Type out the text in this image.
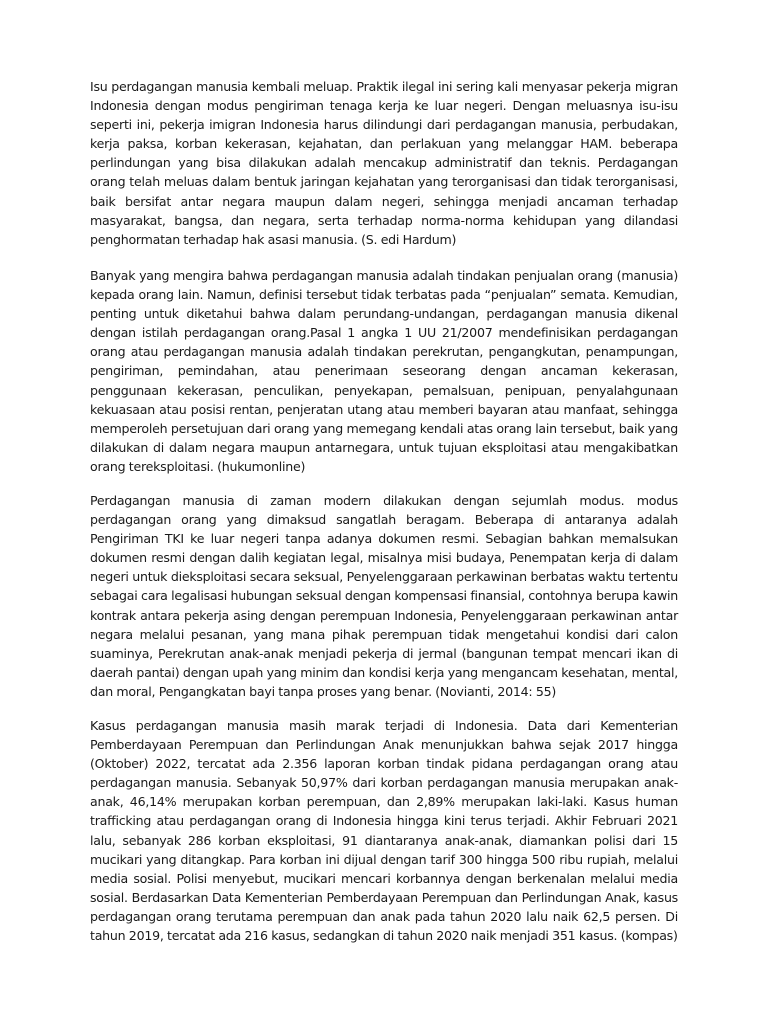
Isu perdagangan manusia kembali meluap. Praktik ilegal ini sering kali menyasar pekerja migran Indonesia dengan modus pengiriman tenaga kerja ke luar negeri. Dengan meluasnya isu-isu seperti ini, pekerja imigran Indonesia harus dilindungi dari perdagangan manusia, perbudakan, kerja paksa, korban kekerasan, kejahatan, dan perlakuan yang melanggar HAM. beberapa perlindungan yang bisa dilakukan adalah mencakup administratif dan teknis. Perdagangan orang telah meluas dalam bentuk jaringan kejahatan yang terorganisasi dan tidak terorganisasi, baik bersifat antar negara maupun dalam negeri, sehingga menjadi ancaman terhadap masyarakat, bangsa, dan negara, serta terhadap norma-norma kehidupan yang dilandasi penghormatan terhadap hak asasi manusia. (S. edi Hardum)

Banyak yang mengira bahwa perdagangan manusia adalah tindakan penjualan orang (manusia) kepada orang lain. Namun, definisi tersebut tidak terbatas pada “penjualan” semata. Kemudian, penting untuk diketahui bahwa dalam perundang-undangan, perdagangan manusia dikenal dengan istilah perdagangan orang.Pasal 1 angka 1 UU 21/2007 mendefinisikan perdagangan orang atau perdagangan manusia adalah tindakan perekrutan, pengangkutan, penampungan, pengiriman, pemindahan, atau penerimaan seseorang dengan ancaman kekerasan, penggunaan kekerasan, penculikan, penyekapan, pemalsuan, penipuan, penyalahgunaan kekuasaan atau posisi rentan, penjeratan utang atau memberi bayaran atau manfaat, sehingga memperoleh persetujuan dari orang yang memegang kendali atas orang lain tersebut, baik yang dilakukan di dalam negara maupun antarnegara, untuk tujuan eksploitasi atau mengakibatkan orang tereksploitasi. (hukumonline)

Perdagangan manusia di zaman modern dilakukan dengan sejumlah modus. modus perdagangan orang yang dimaksud sangatlah beragam. Beberapa di antaranya adalah Pengiriman TKI ke luar negeri tanpa adanya dokumen resmi. Sebagian bahkan memalsukan dokumen resmi dengan dalih kegiatan legal, misalnya misi budaya, Penempatan kerja di dalam negeri untuk dieksploitasi secara seksual, Penyelenggaraan perkawinan berbatas waktu tertentu sebagai cara legalisasi hubungan seksual dengan kompensasi finansial, contohnya berupa kawin kontrak antara pekerja asing dengan perempuan Indonesia, Penyelenggaraan perkawinan antar negara melalui pesanan, yang mana pihak perempuan tidak mengetahui kondisi dari calon suaminya, Perekrutan anak-anak menjadi pekerja di jermal (bangunan tempat mencari ikan di daerah pantai) dengan upah yang minim dan kondisi kerja yang mengancam kesehatan, mental, dan moral, Pengangkatan bayi tanpa proses yang benar. (Novianti, 2014: 55)

Kasus perdagangan manusia masih marak terjadi di Indonesia. Data dari Kementerian Pemberdayaan Perempuan dan Perlindungan Anak menunjukkan bahwa sejak 2017 hingga (Oktober) 2022, tercatat ada 2.356 laporan korban tindak pidana perdagangan orang atau perdagangan manusia. Sebanyak 50,97% dari korban perdagangan manusia merupakan anak-anak, 46,14% merupakan korban perempuan, dan 2,89% merupakan laki-laki. Kasus human trafficking atau perdagangan orang di Indonesia hingga kini terus terjadi. Akhir Februari 2021 lalu, sebanyak 286 korban eksploitasi, 91 diantaranya anak-anak, diamankan polisi dari 15 mucikari yang ditangkap. Para korban ini dijual dengan tarif 300 hingga 500 ribu rupiah, melalui media sosial. Polisi menyebut, mucikari mencari korbannya dengan berkenalan melalui media sosial. Berdasarkan Data Kementerian Pemberdayaan Perempuan dan Perlindungan Anak, kasus perdagangan orang terutama perempuan dan anak pada tahun 2020 lalu naik 62,5 persen. Di tahun 2019, tercatat ada 216 kasus, sedangkan di tahun 2020 naik menjadi 351 kasus. (kompas)
